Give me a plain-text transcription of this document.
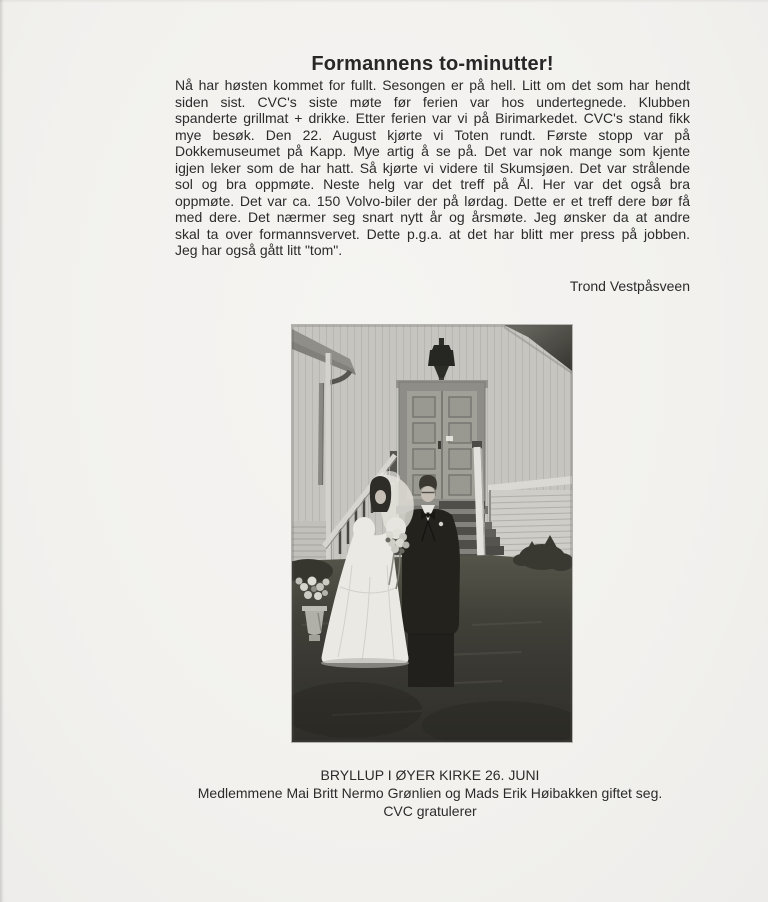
Formannens to-minutter!
Nå har høsten kommet for fullt. Sesongen er på hell. Litt om det som har hendt
siden sist. CVC's siste møte før ferien var hos undertegnede. Klubben
spanderte grillmat + drikke. Etter ferien var vi på Birimarkedet. CVC's stand fikk
mye besøk. Den 22. August kjørte vi Toten rundt. Første stopp var på
Dokkemuseumet på Kapp. Mye artig å se på. Det var nok mange som kjente
igjen leker som de har hatt. Så kjørte vi videre til Skumsjøen. Det var strålende
sol og bra oppmøte. Neste helg var det treff på Ål. Her var det også bra
oppmøte. Det var ca. 150 Volvo-biler der på lørdag. Dette er et treff dere bør få
med dere. Det nærmer seg snart nytt år og årsmøte. Jeg ønsker da at andre
skal ta over formannsvervet. Dette p.g.a. at det har blitt mer press på jobben.
Jeg har også gått litt "tom".
Trond Vestpåsveen
BRYLLUP I ØYER KIRKE 26. JUNI
Medlemmene Mai Britt Nermo Grønlien og Mads Erik Høibakken giftet seg.
CVC gratulerer
